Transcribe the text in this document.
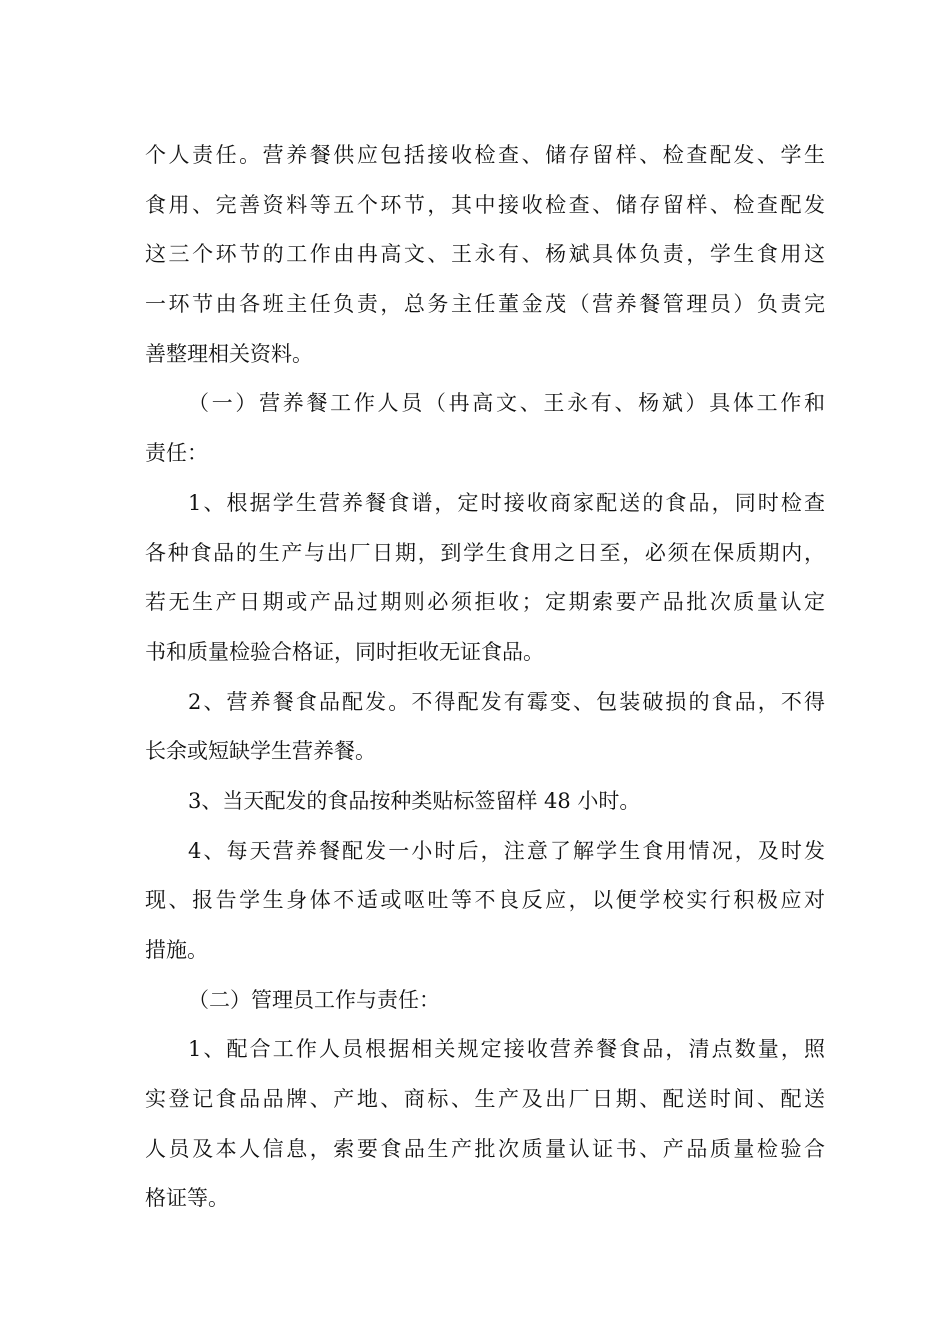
个人责任。营养餐供应包括接收检查、储存留样、检查配发、学生
食用、完善资料等五个环节，其中接收检查、储存留样、检查配发
这三个环节的工作由冉高文、王永有、杨斌具体负责，学生食用这
一环节由各班主任负责，总务主任董金茂（营养餐管理员）负责完
善整理相关资料。
（一）营养餐工作人员（冉高文、王永有、杨斌）具体工作和
责任：
1、根据学生营养餐食谱，定时接收商家配送的食品，同时检查
各种食品的生产与出厂日期，到学生食用之日至，必须在保质期内，
若无生产日期或产品过期则必须拒收；定期索要产品批次质量认定
书和质量检验合格证，同时拒收无证食品。
2、营养餐食品配发。不得配发有霉变、包装破损的食品，不得
长余或短缺学生营养餐。
3、当天配发的食品按种类贴标签留样 48 小时。
4、每天营养餐配发一小时后，注意了解学生食用情况，及时发
现、报告学生身体不适或呕吐等不良反应，以便学校实行积极应对
措施。
（二）管理员工作与责任：
1、配合工作人员根据相关规定接收营养餐食品，清点数量，照
实登记食品品牌、产地、商标、生产及出厂日期、配送时间、配送
人员及本人信息，索要食品生产批次质量认证书、产品质量检验合
格证等。
